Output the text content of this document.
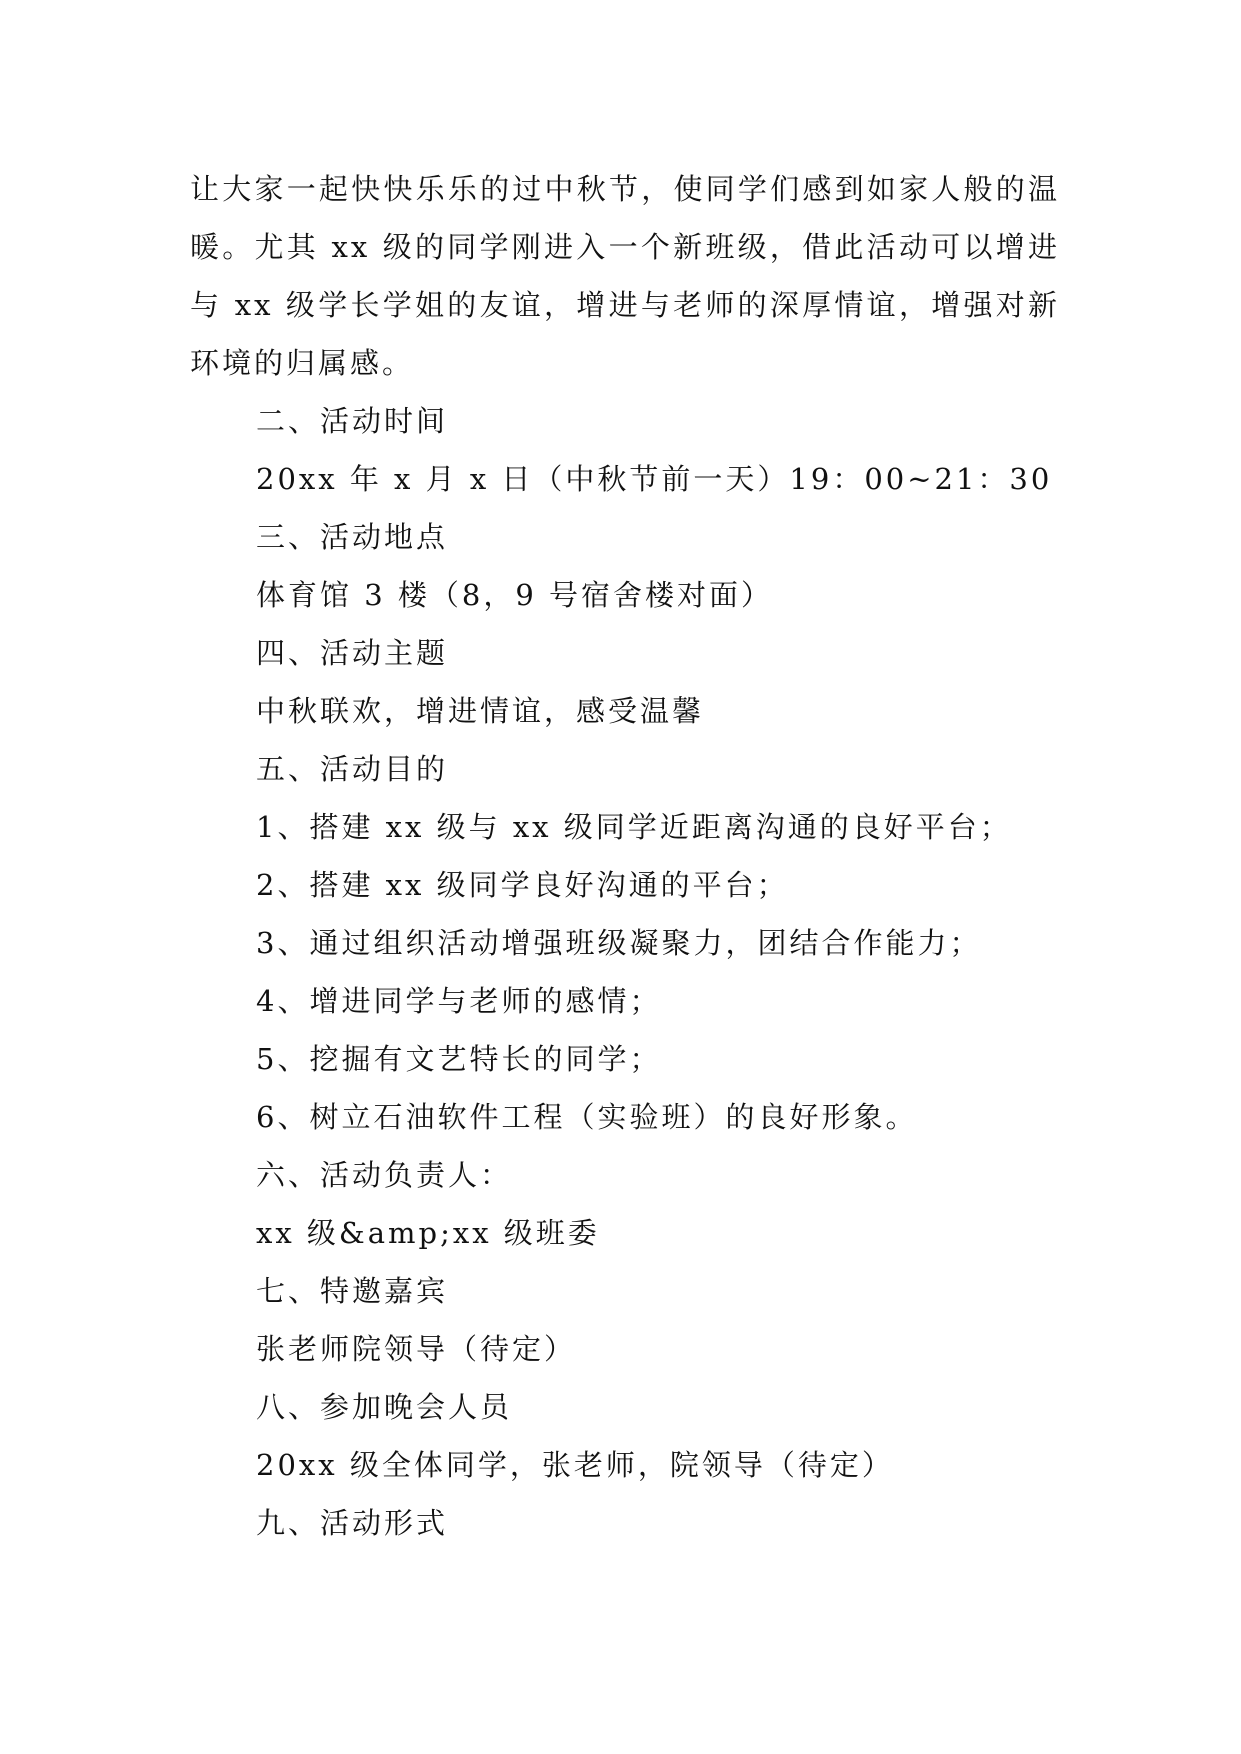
让大家一起快快乐乐的过中秋节，使同学们感到如家人般的温暖。尤其 xx 级的同学刚进入一个新班级，借此活动可以增进与 xx 级学长学姐的友谊，增进与老师的深厚情谊，增强对新环境的归属感。

二、活动时间

20xx 年 x 月 x 日（中秋节前一天）19：00~21：30

三、活动地点

体育馆 3 楼（8，9 号宿舍楼对面）

四、活动主题

中秋联欢，增进情谊，感受温馨

五、活动目的

1、搭建 xx 级与 xx 级同学近距离沟通的良好平台；

2、搭建 xx 级同学良好沟通的平台；

3、通过组织活动增强班级凝聚力，团结合作能力；

4、增进同学与老师的感情；

5、挖掘有文艺特长的同学；

6、树立石油软件工程（实验班）的良好形象。

六、活动负责人：

xx 级&amp;xx 级班委

七、特邀嘉宾

张老师院领导（待定）

八、参加晚会人员

20xx 级全体同学，张老师，院领导（待定）

九、活动形式
